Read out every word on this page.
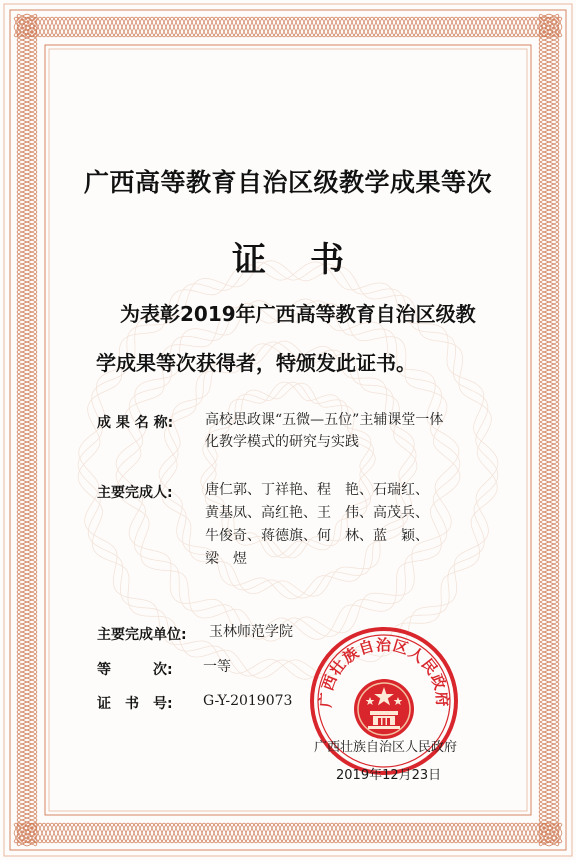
广西高等教育自治区级教学成果等次
证 书
为表彰2019年广西高等教育自治区级教
学成果等次获得者，特颁发此证书。
成 果 名 称: 高校思政课“五微—五位”主辅课堂一体
化教学模式的研究与实践
主要完成人: 唐仁郭、丁祥艳、程　艳、石瑞红、
黄基凤、高红艳、王　伟、高茂兵、
牛俊奇、蒋德旗、何　林、蓝　颖、
梁　煜
主要完成单位: 玉林师范学院
等　　　次: 一等
证　书　号: G-Y-2019073 广西壮族自治区人民政府
广西壮族自治区人民政府
2019年12月23日
